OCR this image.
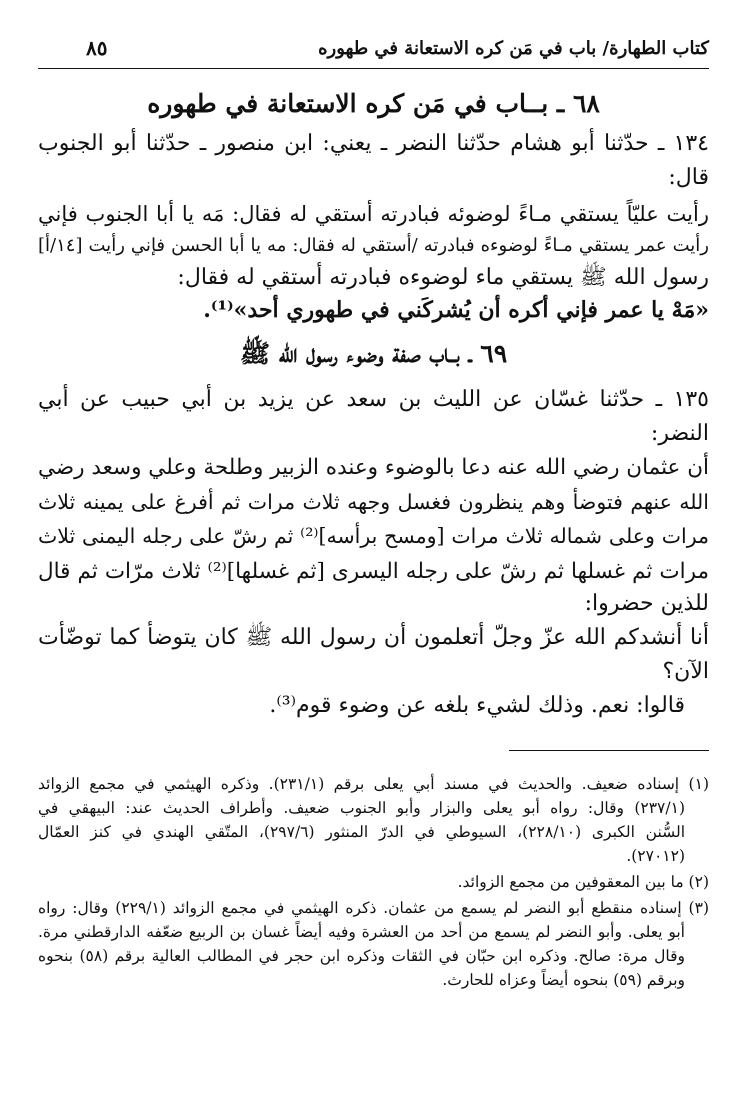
كتاب الطهارة/ باب في مَن كره الاستعانة في طهوره
٨٥
٦٨ ـ بــاب في مَن كره الاستعانة في طهوره
١٣٤ ـ حدّثنا أبو هشام حدّثنا النضر ـ يعني: ابن منصور ـ حدّثنا أبو الجنوب
قال:
رأيت عليّاً يستقي مـاءً لوضوئه فبادرته أستقي له فقال: مَه يا أبا الجنوب فإني
رأيت عمر يستقي مـاءً لوضوءه فبادرته /أستقي له فقال: مه يا أبا الحسن فإني رأيت [١٤/أ]
رسول الله ﷺ يستقي ماء لوضوءه فبادرته أستقي له فقال:
«مَهْ يا عمر فإني أكره أن يُشركَني في طهوري أحد»⁽¹⁾.
٦٩ ـ بــاب صفة وضوء رسول الله ﷺ
١٣٥ ـ حدّثنا غسّان عن الليث بن سعد عن يزيد بن أبي حبيب عن أبي
النضر:
أن عثمان رضي الله عنه دعا بالوضوء وعنده الزبير وطلحة وعلي وسعد رضي
الله عنهم فتوضأ وهم ينظرون فغسل وجهه ثلاث مرات ثم أفرغ على يمينه ثلاث
مرات وعلى شماله ثلاث مرات [ومسح برأسه]⁽²⁾ ثم رشّ على رجله اليمنى ثلاث
مرات ثم غسلها ثم رشّ على رجله اليسرى [ثم غسلها]⁽²⁾ ثلاث مرّات ثم قال
للذين حضروا:
أنا أنشدكم الله عزّ وجلّ أتعلمون أن رسول الله ﷺ كان يتوضأ كما توضّأت
الآن؟
قالوا: نعم. وذلك لشيء بلغه عن وضوء قوم⁽³⁾.
(١) إسناده ضعيف. والحديث في مسند أبي يعلى برقم (٢٣١/١). وذكره الهيثمي في مجمع الزوائد
(٢٣٧/١) وقال: رواه أبو يعلى والبزار وأبو الجنوب ضعيف. وأطراف الحديث عند: البيهقي في
السُّنن الكبرى (٢٢٨/١٠)، السيوطي في الدرّ المنثور (٢٩٧/٦)، المتّقي الهندي في كنز العمّال
(٢٧٠١٢).
(٢) ما بين المعقوفين من مجمع الزوائد.
(٣) إسناده منقطع أبو النضر لم يسمع من عثمان. ذكره الهيثمي في مجمع الزوائد (٢٢٩/١) وقال: رواه
أبو يعلى. وأبو النضر لم يسمع من أحد من العشرة وفيه أيضاً غسان بن الربيع ضعّفه الدارقطني مرة.
وقال مرة: صالح. وذكره ابن حبّان في الثقات وذكره ابن حجر في المطالب العالية برقم (٥٨) بنحوه
وبرقم (٥٩) بنحوه أيضاً وعزاه للحارث.
